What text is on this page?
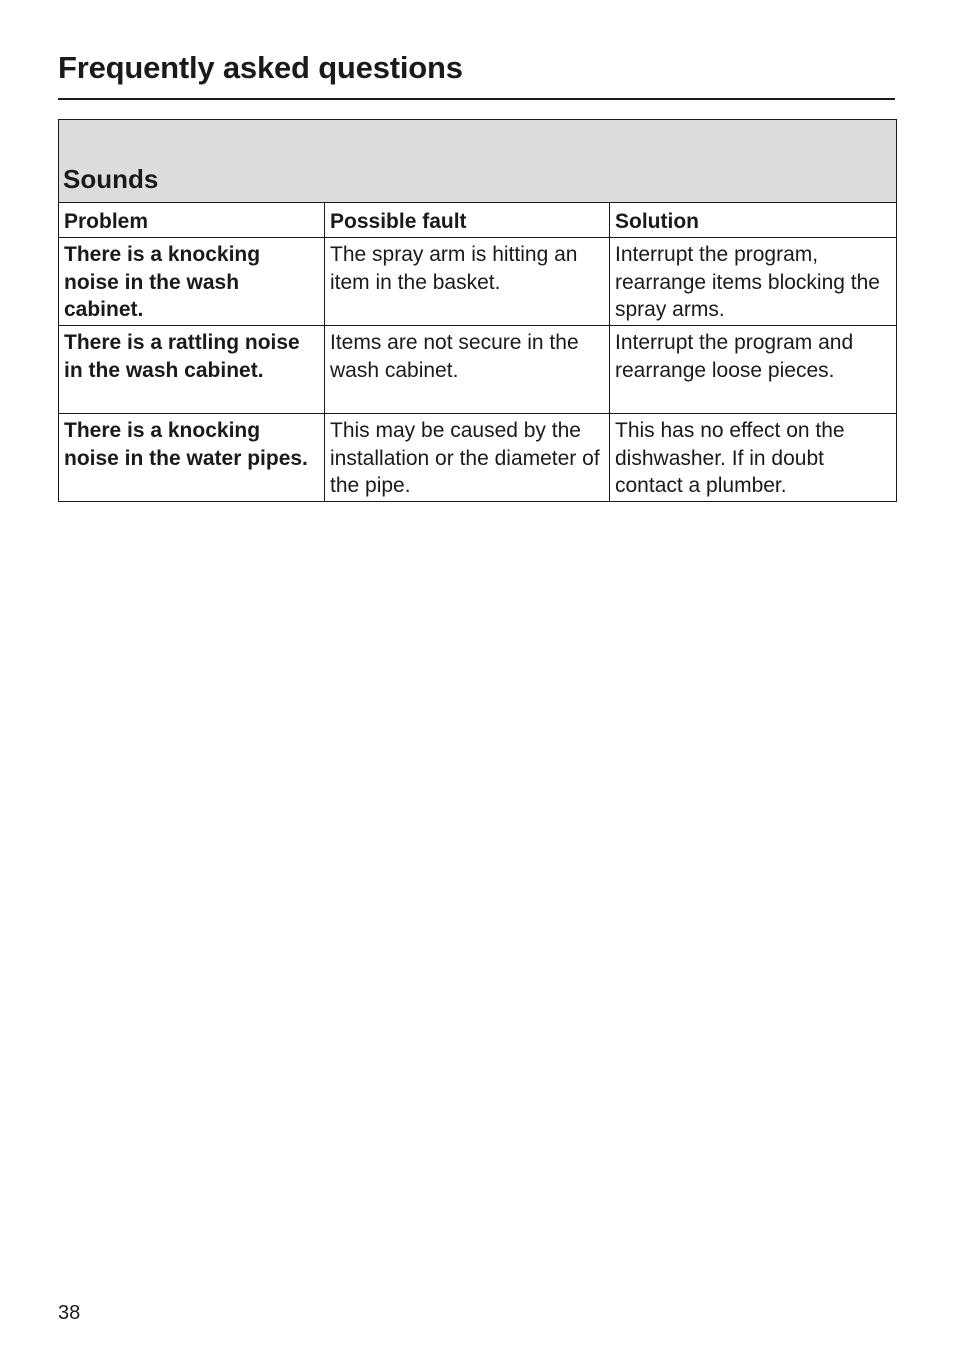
Frequently asked questions
Sounds		
Problem	Possible fault	Solution
There is a knocking noise in the wash cabinet.	The spray arm is hitting an item in the basket.	Interrupt the program, rearrange items blocking the spray arms.
There is a rattling noise in the wash cabinet.	Items are not secure in the wash cabinet.	Interrupt the program and rearrange loose pieces.
There is a knocking noise in the water pipes.	This may be caused by the installation or the diameter of the pipe.	This has no effect on the dishwasher. If in doubt contact a plumber.
38
